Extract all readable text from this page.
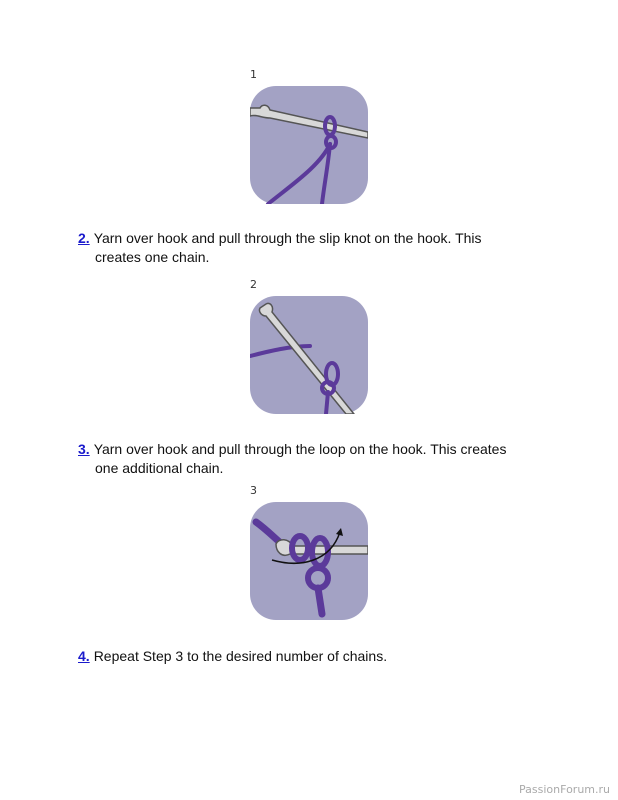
1
2. Yarn over hook and pull through the slip knot on the hook. This
creates one chain.
2
3. Yarn over hook and pull through the loop on the hook. This creates
one additional chain.
3
4. Repeat Step 3 to the desired number of chains.
PassionForum.ru
